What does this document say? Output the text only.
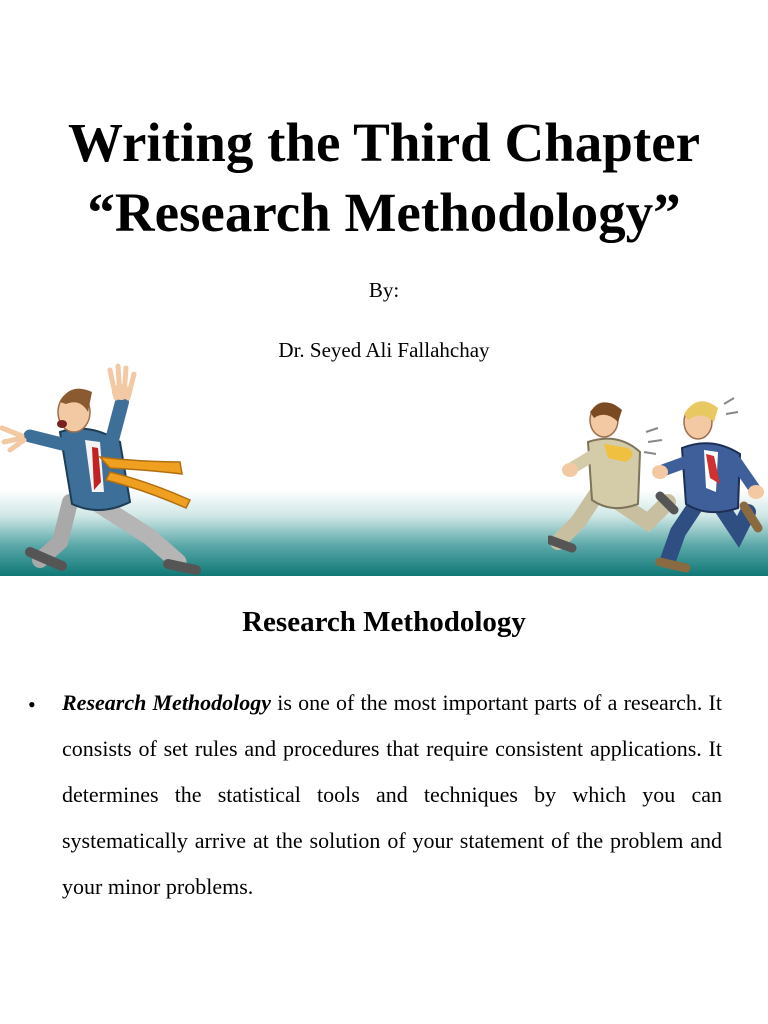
Writing the Third Chapter
“Research Methodology”

By:

Dr. Seyed Ali Fallahchay

Research Methodology
• Research Methodology is one of the most important parts of a research. It consists of set rules and procedures that require consistent applications. It determines the statistical tools and techniques by which you can systematically arrive at the solution of your statement of the problem and your minor problems.
